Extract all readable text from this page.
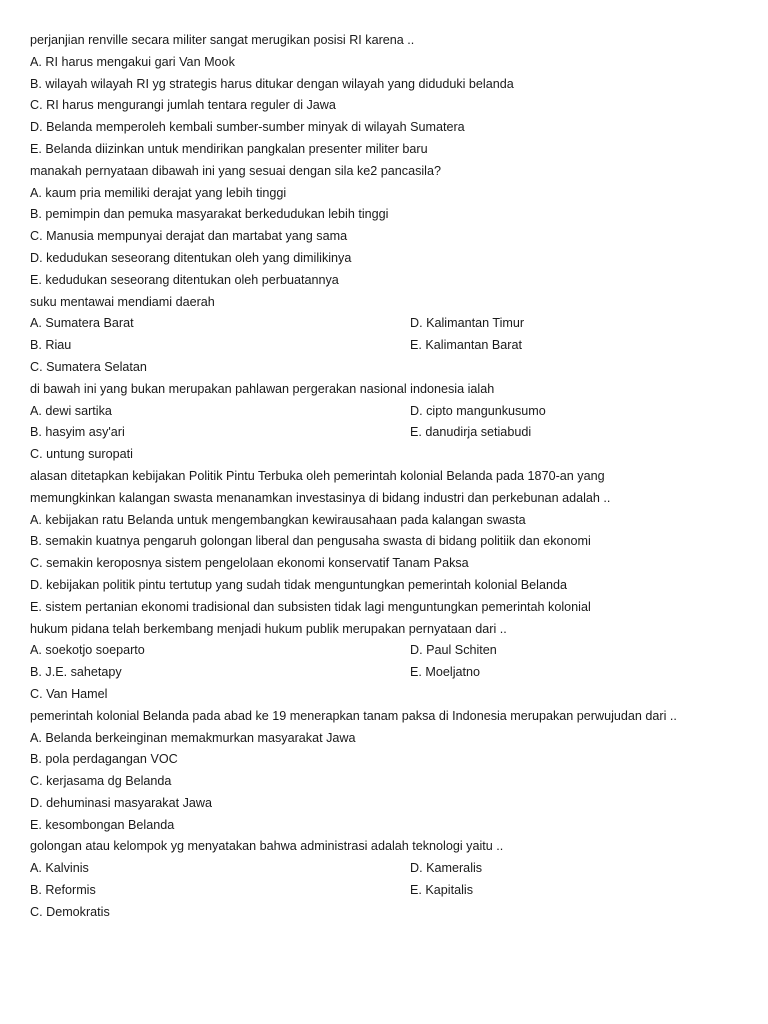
perjanjian renville secara militer sangat merugikan posisi RI karena ..
A. RI harus mengakui gari Van Mook
B. wilayah wilayah RI yg strategis harus ditukar dengan wilayah yang diduduki belanda
C. RI harus mengurangi jumlah tentara reguler di Jawa
D. Belanda memperoleh kembali sumber-sumber minyak di wilayah Sumatera
E. Belanda diizinkan untuk mendirikan pangkalan presenter militer baru
manakah pernyataan dibawah ini yang sesuai dengan sila ke2 pancasila?
A. kaum pria memiliki derajat yang lebih tinggi
B. pemimpin dan pemuka masyarakat berkedudukan lebih tinggi
C. Manusia mempunyai derajat dan martabat yang sama
D. kedudukan seseorang ditentukan oleh yang dimilikinya
E. kedudukan seseorang ditentukan oleh perbuatannya
suku mentawai mendiami daerah
A. Sumatera Barat	D. Kalimantan Timur
B. Riau	E. Kalimantan Barat
C. Sumatera Selatan
di bawah ini yang bukan merupakan pahlawan pergerakan nasional indonesia ialah
A. dewi sartika	D. cipto mangunkusumo
B. hasyim asy'ari	E. danudirja setiabudi
C. untung suropati
alasan ditetapkan kebijakan Politik Pintu Terbuka oleh pemerintah kolonial Belanda pada 1870-an yang
memungkinkan kalangan swasta menanamkan investasinya di bidang industri dan perkebunan adalah ..
A. kebijakan ratu Belanda untuk mengembangkan kewirausahaan pada kalangan swasta
B. semakin kuatnya pengaruh golongan liberal dan pengusaha swasta di bidang politiik dan ekonomi
C. semakin keroposnya sistem pengelolaan ekonomi konservatif Tanam Paksa
D. kebijakan politik pintu tertutup yang sudah tidak menguntungkan pemerintah kolonial Belanda
E. sistem pertanian ekonomi tradisional dan subsisten tidak lagi menguntungkan pemerintah kolonial
hukum pidana telah berkembang menjadi hukum publik merupakan pernyataan dari ..
A. soekotjo soeparto	D. Paul Schiten
B. J.E. sahetapy	E. Moeljatno
C. Van Hamel
pemerintah kolonial Belanda pada abad ke 19 menerapkan tanam paksa di Indonesia merupakan perwujudan dari ..
A. Belanda berkeinginan memakmurkan masyarakat Jawa
B. pola perdagangan VOC
C. kerjasama dg Belanda
D. dehuminasi masyarakat Jawa
E. kesombongan Belanda
golongan atau kelompok yg menyatakan bahwa administrasi adalah teknologi yaitu ..
A. Kalvinis	D. Kameralis
B. Reformis	E. Kapitalis
C. Demokratis
